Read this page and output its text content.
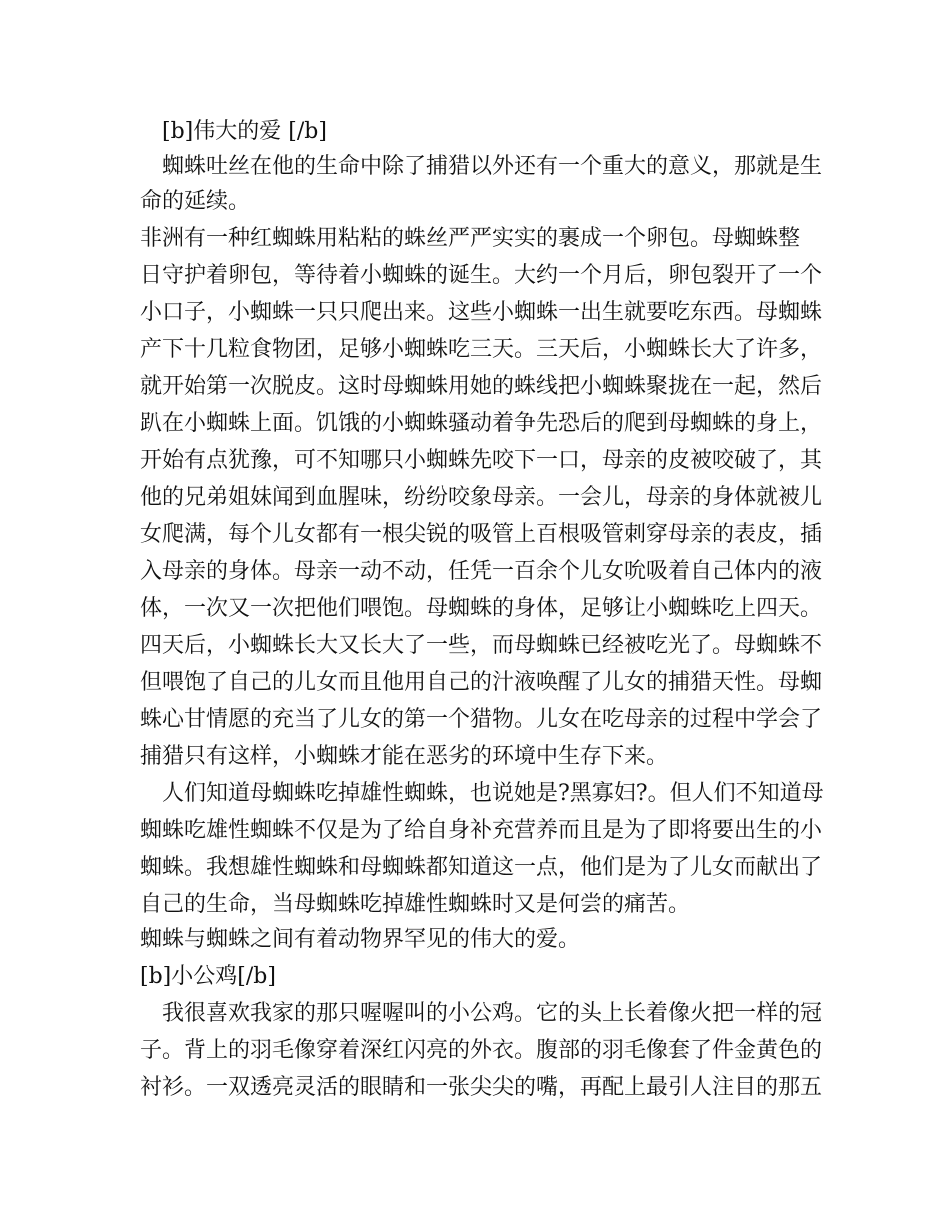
　[b]伟大的爱 [/b]

　蜘蛛吐丝在他的生命中除了捕猎以外还有一个重大的意义，那就是生

命的延续。

非洲有一种红蜘蛛用粘粘的蛛丝严严实实的裹成一个卵包。母蜘蛛整

日守护着卵包，等待着小蜘蛛的诞生。大约一个月后，卵包裂开了一个

小口子，小蜘蛛一只只爬出来。这些小蜘蛛一出生就要吃东西。母蜘蛛

产下十几粒食物团，足够小蜘蛛吃三天。三天后，小蜘蛛长大了许多，

就开始第一次脱皮。这时母蜘蛛用她的蛛线把小蜘蛛聚拢在一起，然后

趴在小蜘蛛上面。饥饿的小蜘蛛骚动着争先恐后的爬到母蜘蛛的身上，

开始有点犹豫，可不知哪只小蜘蛛先咬下一口，母亲的皮被咬破了，其

他的兄弟姐妹闻到血腥味，纷纷咬象母亲。一会儿，母亲的身体就被儿

女爬满，每个儿女都有一根尖锐的吸管上百根吸管刺穿母亲的表皮，插

入母亲的身体。母亲一动不动，任凭一百余个儿女吮吸着自己体内的液

体，一次又一次把他们喂饱。母蜘蛛的身体，足够让小蜘蛛吃上四天。

四天后，小蜘蛛长大又长大了一些，而母蜘蛛已经被吃光了。母蜘蛛不

但喂饱了自己的儿女而且他用自己的汁液唤醒了儿女的捕猎天性。母蜘

蛛心甘情愿的充当了儿女的第一个猎物。儿女在吃母亲的过程中学会了

捕猎只有这样，小蜘蛛才能在恶劣的环境中生存下来。

　人们知道母蜘蛛吃掉雄性蜘蛛，也说她是?黑寡妇?。但人们不知道母

蜘蛛吃雄性蜘蛛不仅是为了给自身补充营养而且是为了即将要出生的小

蜘蛛。我想雄性蜘蛛和母蜘蛛都知道这一点，他们是为了儿女而献出了

自己的生命，当母蜘蛛吃掉雄性蜘蛛时又是何尝的痛苦。

蜘蛛与蜘蛛之间有着动物界罕见的伟大的爱。

[b]小公鸡[/b]

　我很喜欢我家的那只喔喔叫的小公鸡。它的头上长着像火把一样的冠

子。背上的羽毛像穿着深红闪亮的外衣。腹部的羽毛像套了件金黄色的

衬衫。一双透亮灵活的眼睛和一张尖尖的嘴，再配上最引人注目的那五
